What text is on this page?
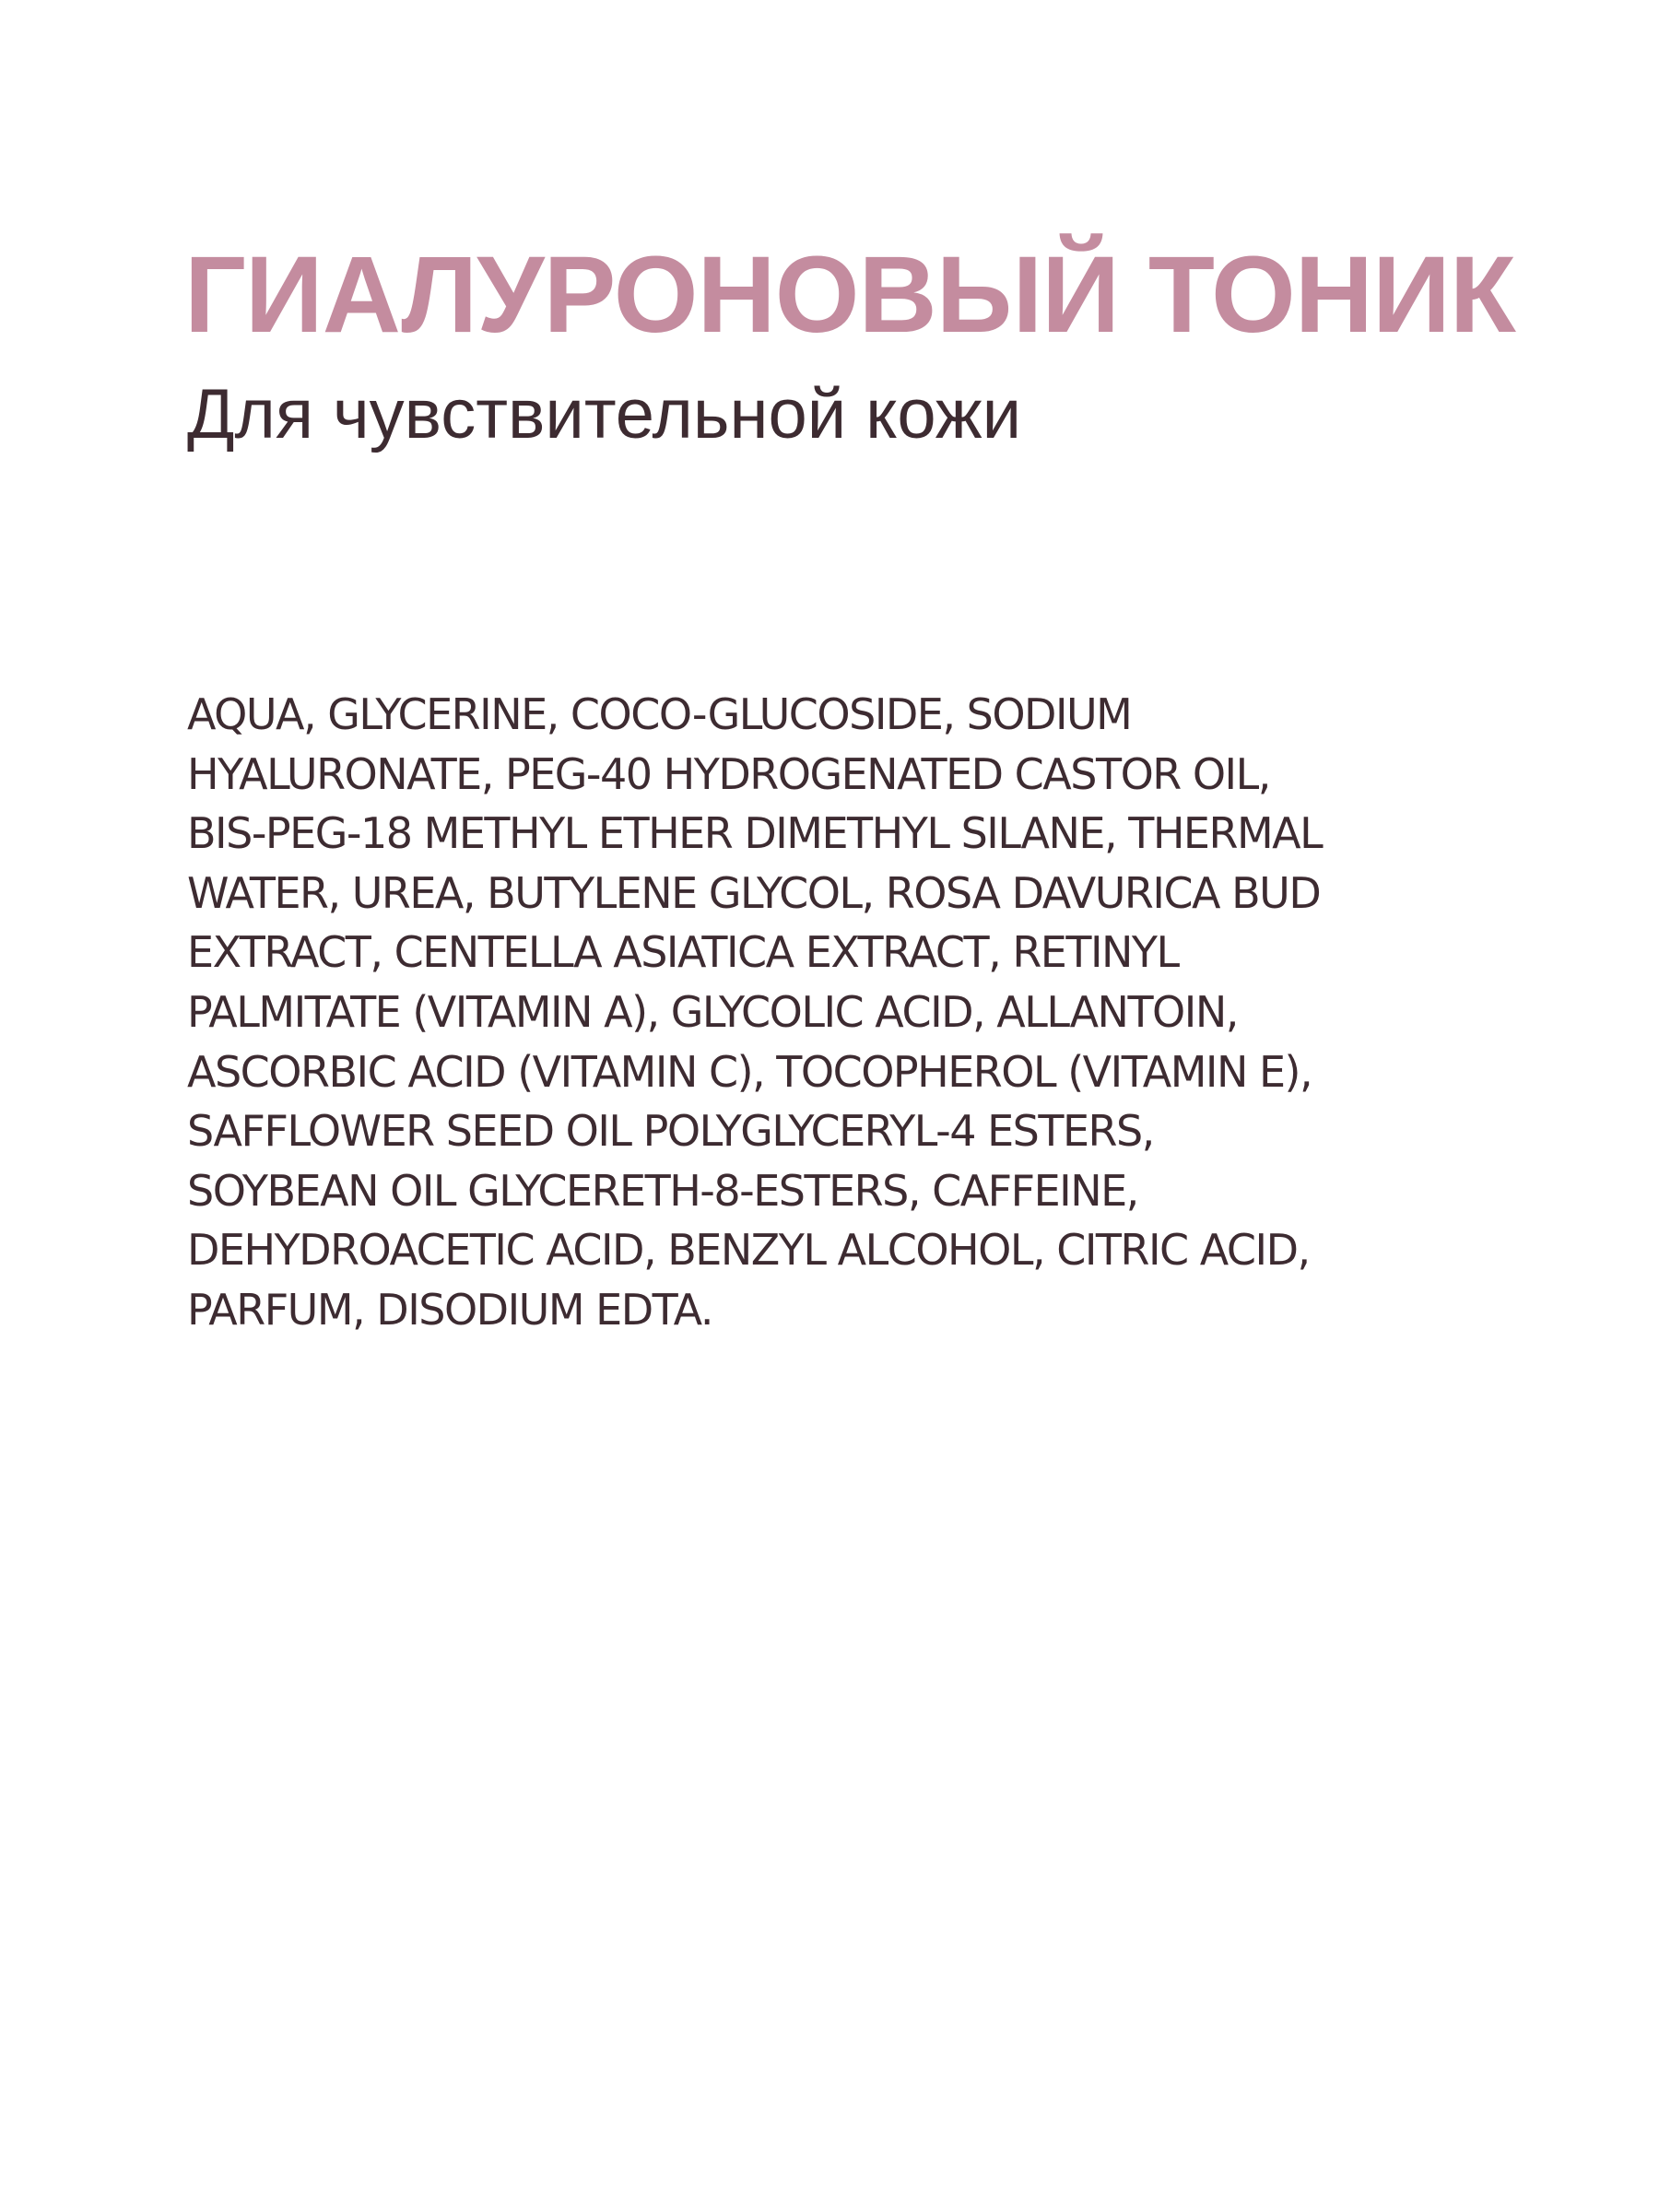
ГИАЛУРОНОВЫЙ ТОНИК
Для чувствительной кожи
AQUA, GLYCERINE, COCO-GLUCOSIDE, SODIUM
HYALURONATE, PEG-40 HYDROGENATED CASTOR OIL,
BIS-PEG-18 METHYL ETHER DIMETHYL SILANE, THERMAL
WATER, UREA, BUTYLENE GLYCOL, ROSA DAVURICA BUD
EXTRACT, CENTELLA ASIATICA EXTRACT, RETINYL
PALMITATE (VITAMIN A), GLYCOLIC ACID, ALLANTOIN,
ASCORBIC ACID (VITAMIN C), TOCOPHEROL (VITAMIN E),
SAFFLOWER SEED OIL POLYGLYCERYL-4 ESTERS,
SOYBEAN OIL GLYCERETH-8-ESTERS, CAFFEINE,
DEHYDROACETIC ACID, BENZYL ALCOHOL, CITRIC ACID,
PARFUM, DISODIUM EDTA.
